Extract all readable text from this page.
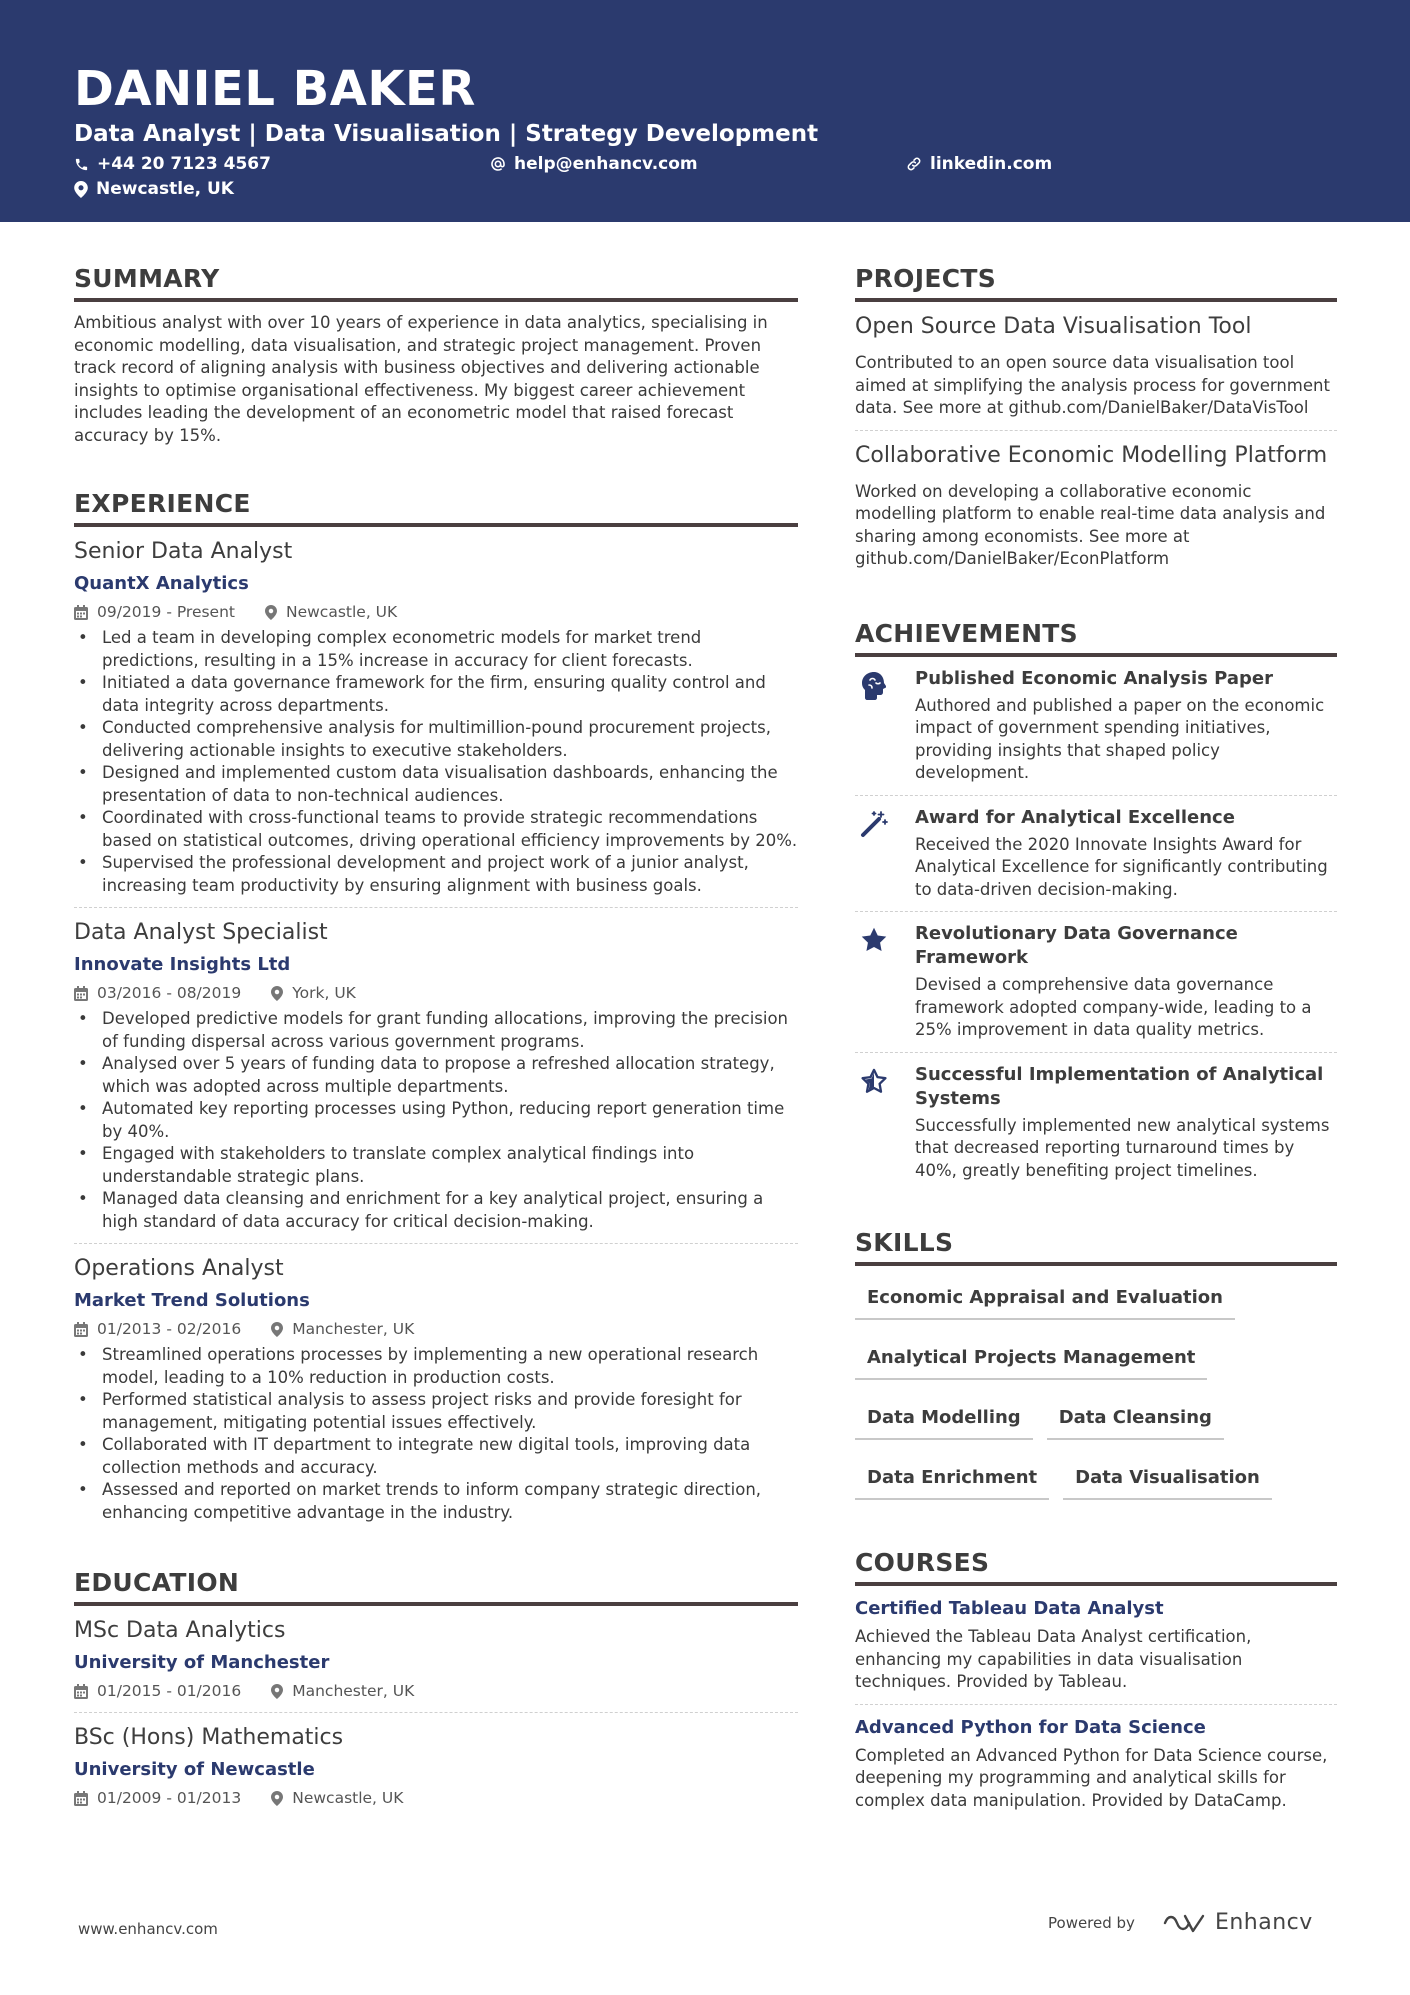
DANIEL BAKER
Data Analyst | Data Visualisation | Strategy Development
+44 20 7123 4567	help@enhancv.com	linkedin.com
Newcastle, UK
SUMMARY
Ambitious analyst with over 10 years of experience in data analytics, specialising in economic modelling, data visualisation, and strategic project management. Proven track record of aligning analysis with business objectives and delivering actionable insights to optimise organisational effectiveness. My biggest career achievement includes leading the development of an econometric model that raised forecast accuracy by 15%.
EXPERIENCE
Senior Data Analyst
QuantX Analytics
09/2019 - Present	Newcastle, UK
• Led a team in developing complex econometric models for market trend predictions, resulting in a 15% increase in accuracy for client forecasts.
• Initiated a data governance framework for the firm, ensuring quality control and data integrity across departments.
• Conducted comprehensive analysis for multimillion-pound procurement projects, delivering actionable insights to executive stakeholders.
• Designed and implemented custom data visualisation dashboards, enhancing the presentation of data to non-technical audiences.
• Coordinated with cross-functional teams to provide strategic recommendations based on statistical outcomes, driving operational efficiency improvements by 20%.
• Supervised the professional development and project work of a junior analyst, increasing team productivity by ensuring alignment with business goals.
Data Analyst Specialist
Innovate Insights Ltd
03/2016 - 08/2019	York, UK
• Developed predictive models for grant funding allocations, improving the precision of funding dispersal across various government programs.
• Analysed over 5 years of funding data to propose a refreshed allocation strategy, which was adopted across multiple departments.
• Automated key reporting processes using Python, reducing report generation time by 40%.
• Engaged with stakeholders to translate complex analytical findings into understandable strategic plans.
• Managed data cleansing and enrichment for a key analytical project, ensuring a high standard of data accuracy for critical decision-making.
Operations Analyst
Market Trend Solutions
01/2013 - 02/2016	Manchester, UK
• Streamlined operations processes by implementing a new operational research model, leading to a 10% reduction in production costs.
• Performed statistical analysis to assess project risks and provide foresight for management, mitigating potential issues effectively.
• Collaborated with IT department to integrate new digital tools, improving data collection methods and accuracy.
• Assessed and reported on market trends to inform company strategic direction, enhancing competitive advantage in the industry.
EDUCATION
MSc Data Analytics
University of Manchester
01/2015 - 01/2016	Manchester, UK
BSc (Hons) Mathematics
University of Newcastle
01/2009 - 01/2013	Newcastle, UK
PROJECTS
Open Source Data Visualisation Tool
Contributed to an open source data visualisation tool aimed at simplifying the analysis process for government data. See more at github.com/DanielBaker/DataVisTool
Collaborative Economic Modelling Platform
Worked on developing a collaborative economic modelling platform to enable real-time data analysis and sharing among economists. See more at github.com/DanielBaker/EconPlatform
ACHIEVEMENTS
Published Economic Analysis Paper
Authored and published a paper on the economic impact of government spending initiatives, providing insights that shaped policy development.
Award for Analytical Excellence
Received the 2020 Innovate Insights Award for Analytical Excellence for significantly contributing to data-driven decision-making.
Revolutionary Data Governance Framework
Devised a comprehensive data governance framework adopted company-wide, leading to a 25% improvement in data quality metrics.
Successful Implementation of Analytical Systems
Successfully implemented new analytical systems that decreased reporting turnaround times by 40%, greatly benefiting project timelines.
SKILLS
Economic Appraisal and Evaluation
Analytical Projects Management
Data Modelling	Data Cleansing
Data Enrichment	Data Visualisation
COURSES
Certified Tableau Data Analyst
Achieved the Tableau Data Analyst certification, enhancing my capabilities in data visualisation techniques. Provided by Tableau.
Advanced Python for Data Science
Completed an Advanced Python for Data Science course, deepening my programming and analytical skills for complex data manipulation. Provided by DataCamp.
www.enhancv.com	Powered by	Enhancv
